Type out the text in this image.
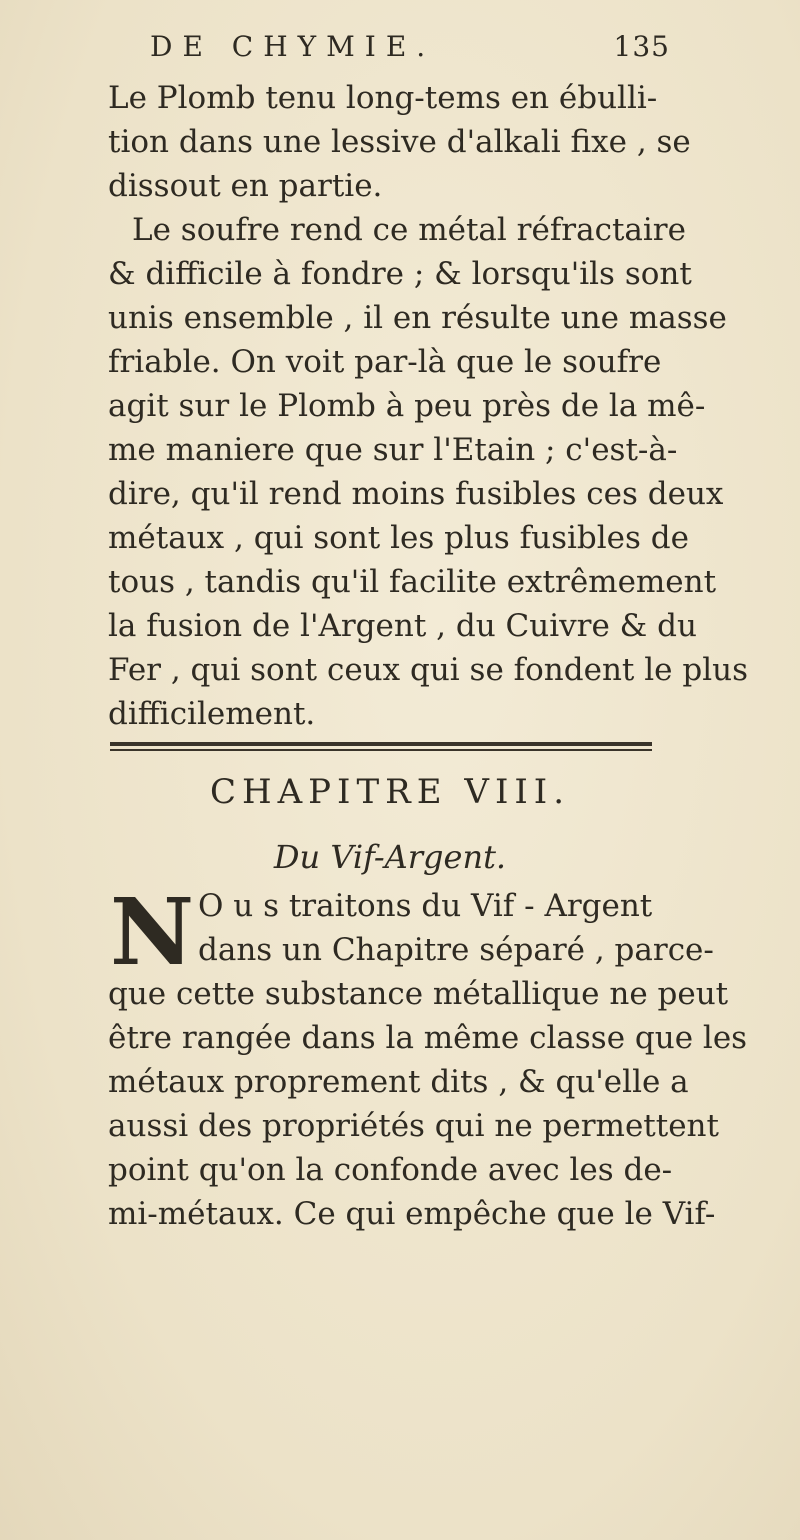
DE CHYMIE.	135
Le Plomb tenu long-tems en ébulli-
tion dans une lessive d'alkali fixe , se
dissout en partie.
Le soufre rend ce métal réfractaire
& difficile à fondre ; & lorsqu'ils sont
unis ensemble , il en résulte une masse
friable. On voit par-là que le soufre
agit sur le Plomb à peu près de la mê-
me maniere que sur l'Etain ; c'est-à-
dire, qu'il rend moins fusibles ces deux
métaux , qui sont les plus fusibles de
tous , tandis qu'il facilite extrêmement
la fusion de l'Argent , du Cuivre & du
Fer , qui sont ceux qui se fondent le plus
difficilement.
CHAPITRE VIII.
Du Vif-Argent.
N O u s traitons du Vif - Argent
dans un Chapitre séparé , parce-
que cette substance métallique ne peut
être rangée dans la même classe que les
métaux proprement dits , & qu'elle a
aussi des propriétés qui ne permettent
point qu'on la confonde avec les de-
mi-métaux. Ce qui empêche que le Vif-
